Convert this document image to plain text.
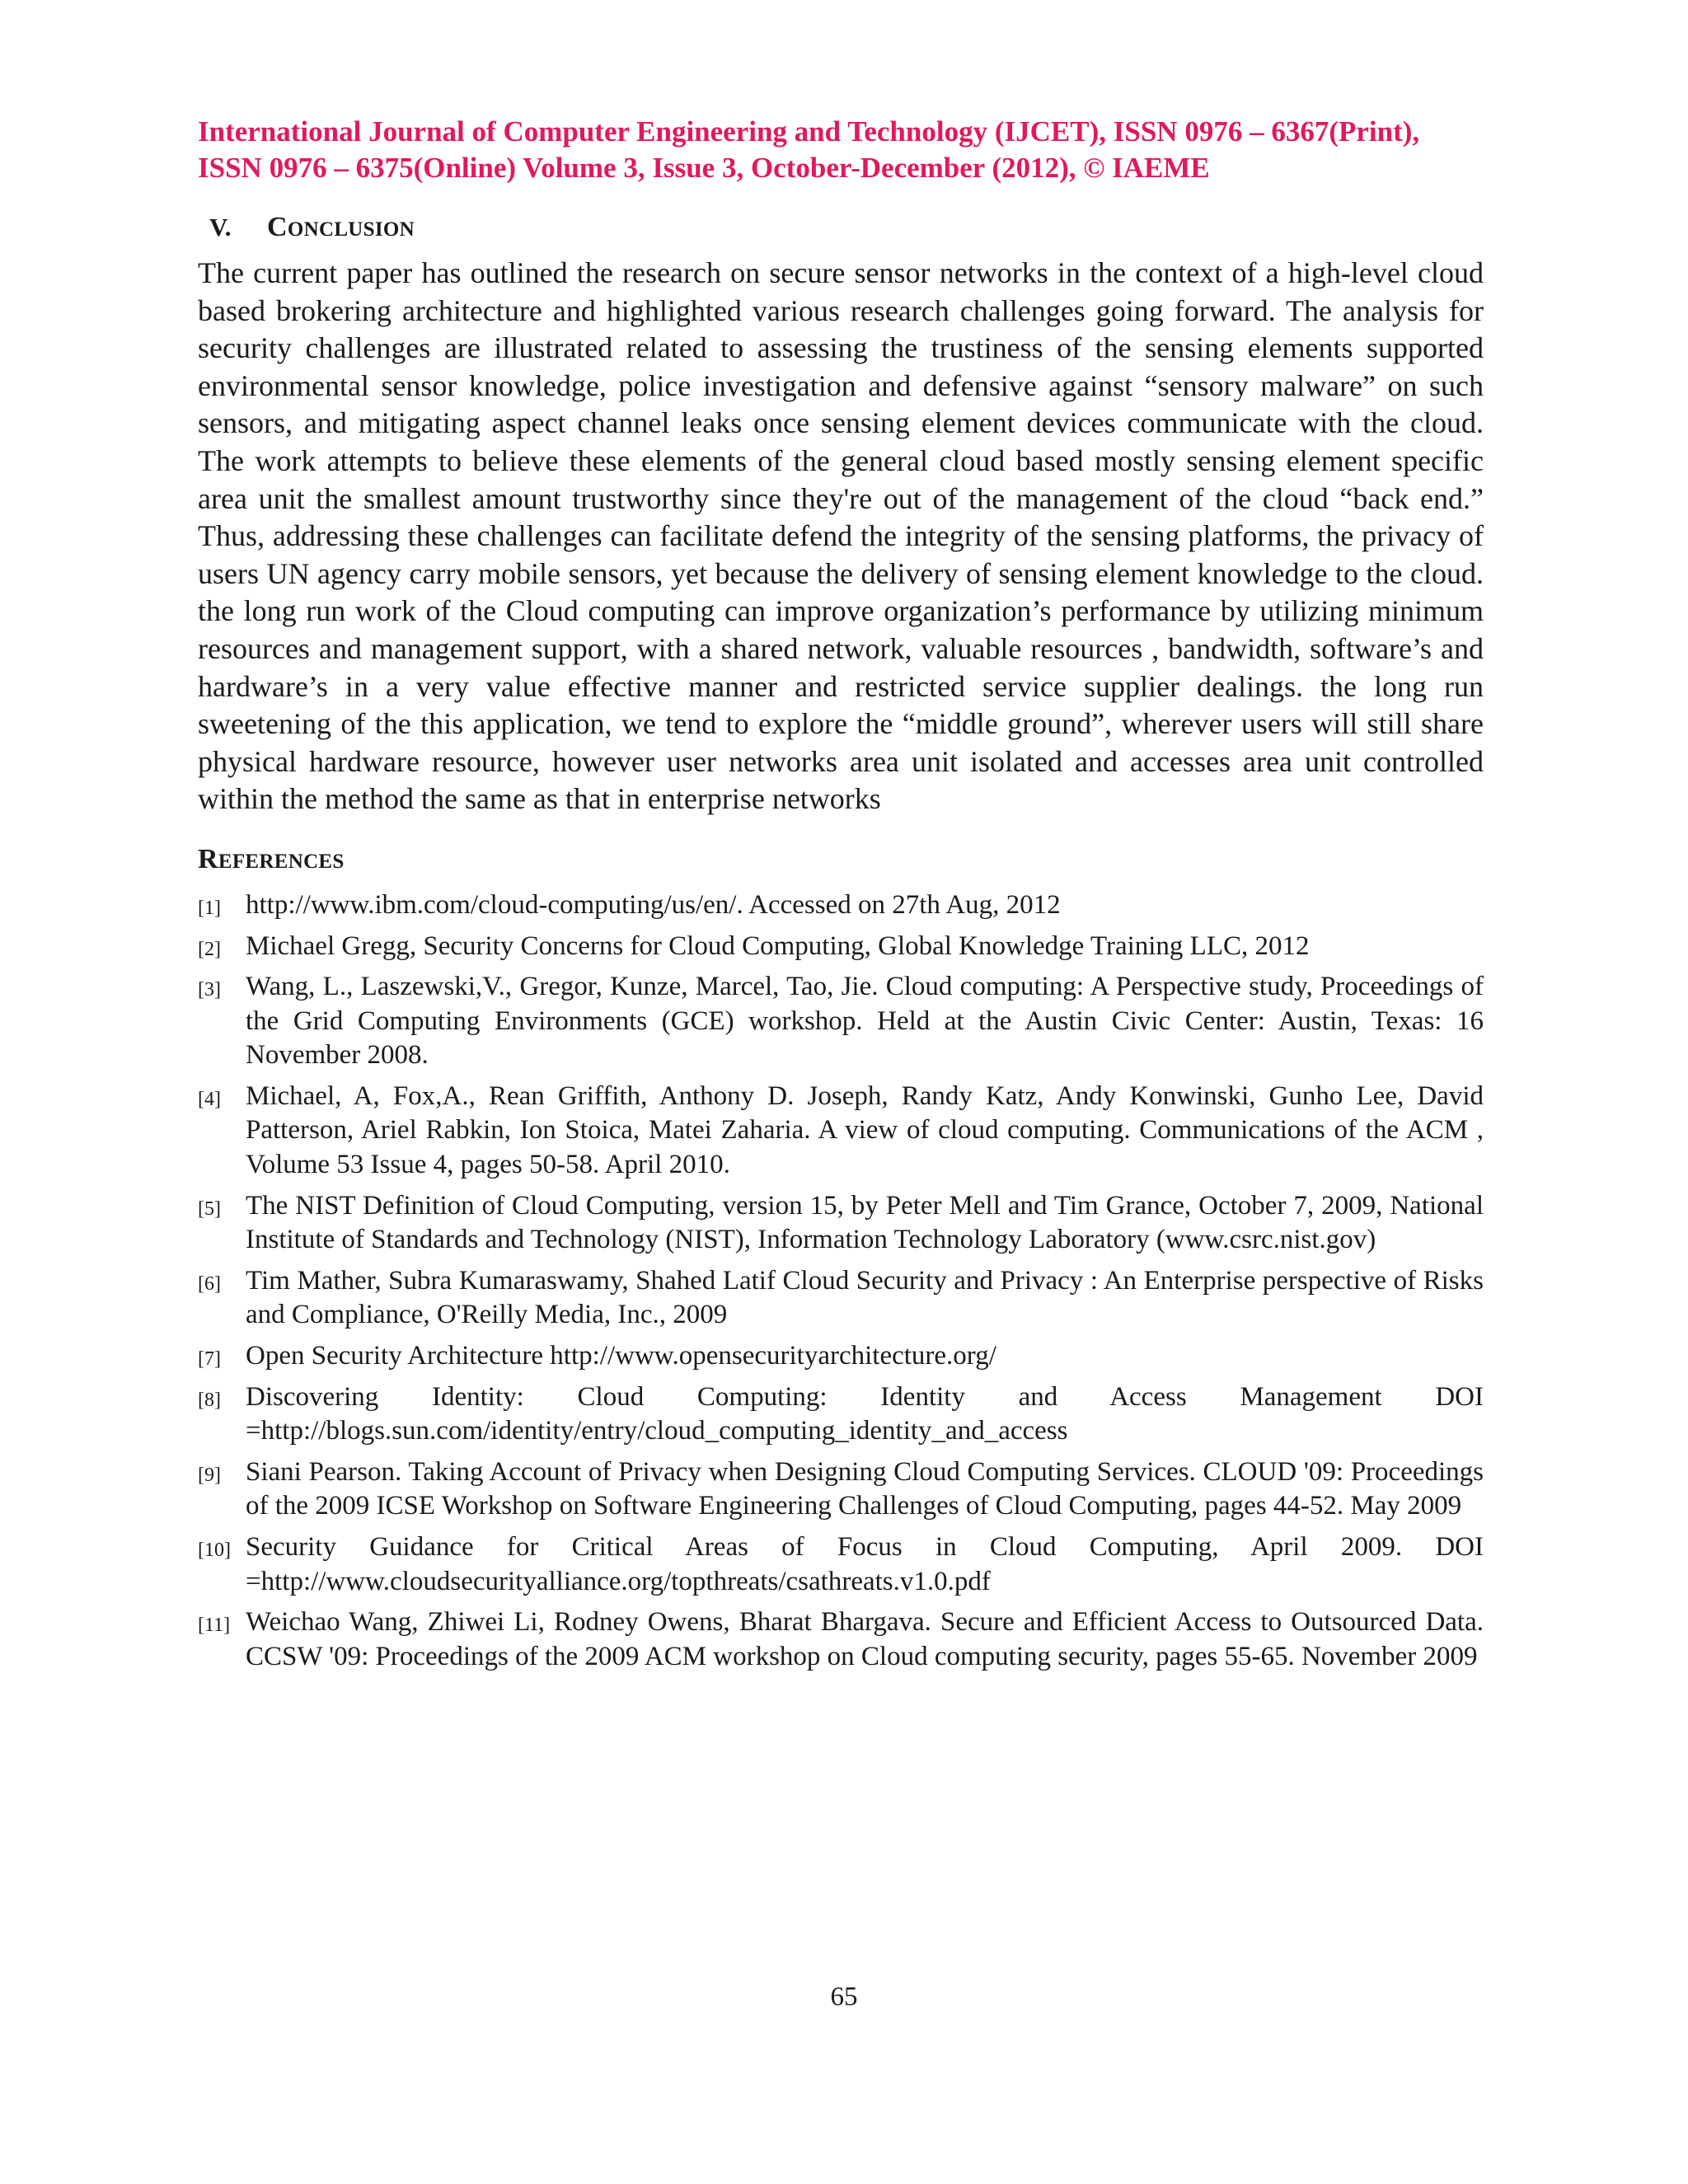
International Journal of Computer Engineering and Technology (IJCET), ISSN 0976 – 6367(Print),
ISSN 0976 – 6375(Online) Volume 3, Issue 3, October-December (2012), © IAEME
V. CONCLUSION

The current paper has outlined the research on secure sensor networks in the context of a high-level cloud based brokering architecture and highlighted various research challenges going forward. The analysis for security challenges are illustrated related to assessing the trustiness of the sensing elements supported environmental sensor knowledge, police investigation and defensive against “sensory malware” on such sensors, and mitigating aspect channel leaks once sensing element devices communicate with the cloud. The work attempts to believe these elements of the general cloud based mostly sensing element specific area unit the smallest amount trustworthy since they're out of the management of the cloud “back end.” Thus, addressing these challenges can facilitate defend the integrity of the sensing platforms, the privacy of users UN agency carry mobile sensors, yet because the delivery of sensing element knowledge to the cloud. the long run work of the Cloud computing can improve organization’s performance by utilizing minimum resources and management support, with a shared network, valuable resources , bandwidth, software’s and hardware’s in a very value effective manner and restricted service supplier dealings. the long run sweetening of the this application, we tend to explore the “middle ground”, wherever users will still share physical hardware resource, however user networks area unit isolated and accesses area unit controlled within the method the same as that in enterprise networks

REFERENCES
[1] http://www.ibm.com/cloud-computing/us/en/. Accessed on 27th Aug, 2012
[2] Michael Gregg, Security Concerns for Cloud Computing, Global Knowledge Training LLC, 2012
[3] Wang, L., Laszewski,V., Gregor, Kunze, Marcel, Tao, Jie. Cloud computing: A Perspective study, Proceedings of the Grid Computing Environments (GCE) workshop. Held at the Austin Civic Center: Austin, Texas: 16 November 2008.
[4] Michael, A, Fox,A., Rean Griffith, Anthony D. Joseph, Randy Katz, Andy Konwinski, Gunho Lee, David Patterson, Ariel Rabkin, Ion Stoica, Matei Zaharia. A view of cloud computing. Communications of the ACM , Volume 53 Issue 4, pages 50-58. April 2010.
[5] The NIST Definition of Cloud Computing, version 15, by Peter Mell and Tim Grance, October 7, 2009, National Institute of Standards and Technology (NIST), Information Technology Laboratory (www.csrc.nist.gov)
[6] Tim Mather, Subra Kumaraswamy, Shahed Latif Cloud Security and Privacy : An Enterprise perspective of Risks and Compliance, O'Reilly Media, Inc., 2009
[7] Open Security Architecture http://www.opensecurityarchitecture.org/
[8] Discovering Identity: Cloud Computing: Identity and Access Management DOI =http://blogs.sun.com/identity/entry/cloud_computing_identity_and_access
[9] Siani Pearson. Taking Account of Privacy when Designing Cloud Computing Services. CLOUD '09: Proceedings of the 2009 ICSE Workshop on Software Engineering Challenges of Cloud Computing, pages 44-52. May 2009
[10] Security Guidance for Critical Areas of Focus in Cloud Computing, April 2009. DOI =http://www.cloudsecurityalliance.org/topthreats/csathreats.v1.0.pdf
[11] Weichao Wang, Zhiwei Li, Rodney Owens, Bharat Bhargava. Secure and Efficient Access to Outsourced Data. CCSW '09: Proceedings of the 2009 ACM workshop on Cloud computing security, pages 55-65. November 2009
65
